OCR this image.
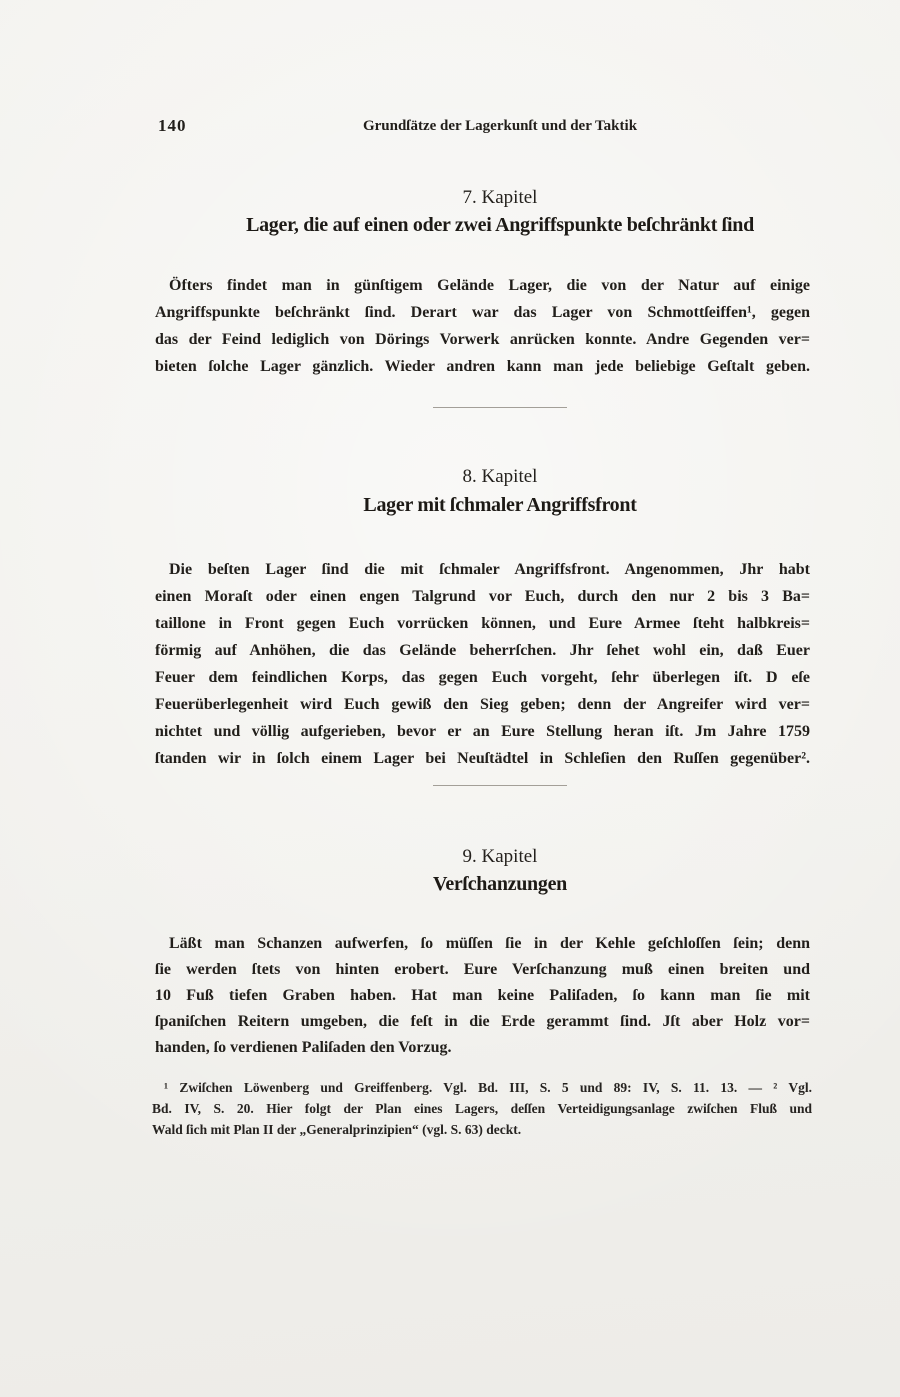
140	Grundſätze der Lagerkunſt und der Taktik
7. Kapitel
Lager, die auf einen oder zwei Angriffspunkte beſchränkt ſind
Öfters findet man in günſtigem Gelände Lager, die von der Natur auf einige
Angriffspunkte beſchränkt ſind. Derart war das Lager von Schmottſeiffen¹, gegen
das der Feind lediglich von Dörings Vorwerk anrücken konnte. Andre Gegenden ver=
bieten ſolche Lager gänzlich. Wieder andren kann man jede beliebige Geſtalt geben.
8. Kapitel
Lager mit ſchmaler Angriffsfront
Die beſten Lager ſind die mit ſchmaler Angriffsfront. Angenommen, Jhr habt
einen Moraſt oder einen engen Talgrund vor Euch, durch den nur 2 bis 3 Ba=
taillone in Front gegen Euch vorrücken können, und Eure Armee ſteht halbkreis=
förmig auf Anhöhen, die das Gelände beherrſchen. Jhr ſehet wohl ein, daß Euer
Feuer dem feindlichen Korps, das gegen Euch vorgeht, ſehr überlegen iſt. D eſe
Feuerüberlegenheit wird Euch gewiß den Sieg geben; denn der Angreifer wird ver=
nichtet und völlig aufgerieben, bevor er an Eure Stellung heran iſt. Jm Jahre 1759
ſtanden wir in ſolch einem Lager bei Neuſtädtel in Schleſien den Ruſſen gegenüber².
9. Kapitel
Verſchanzungen
Läßt man Schanzen aufwerfen, ſo müſſen ſie in der Kehle geſchloſſen ſein; denn
ſie werden ſtets von hinten erobert. Eure Verſchanzung muß einen breiten und
10 Fuß tiefen Graben haben. Hat man keine Paliſaden, ſo kann man ſie mit
ſpaniſchen Reitern umgeben, die feſt in die Erde gerammt ſind. Jſt aber Holz vor=
handen, ſo verdienen Paliſaden den Vorzug.
¹ Zwiſchen Löwenberg und Greiffenberg. Vgl. Bd. III, S. 5 und 89: IV, S. 11. 13. — ² Vgl.
Bd. IV, S. 20. Hier folgt der Plan eines Lagers, deſſen Verteidigungsanlage zwiſchen Fluß und
Wald ſich mit Plan II der „Generalprinzipien“ (vgl. S. 63) deckt.
